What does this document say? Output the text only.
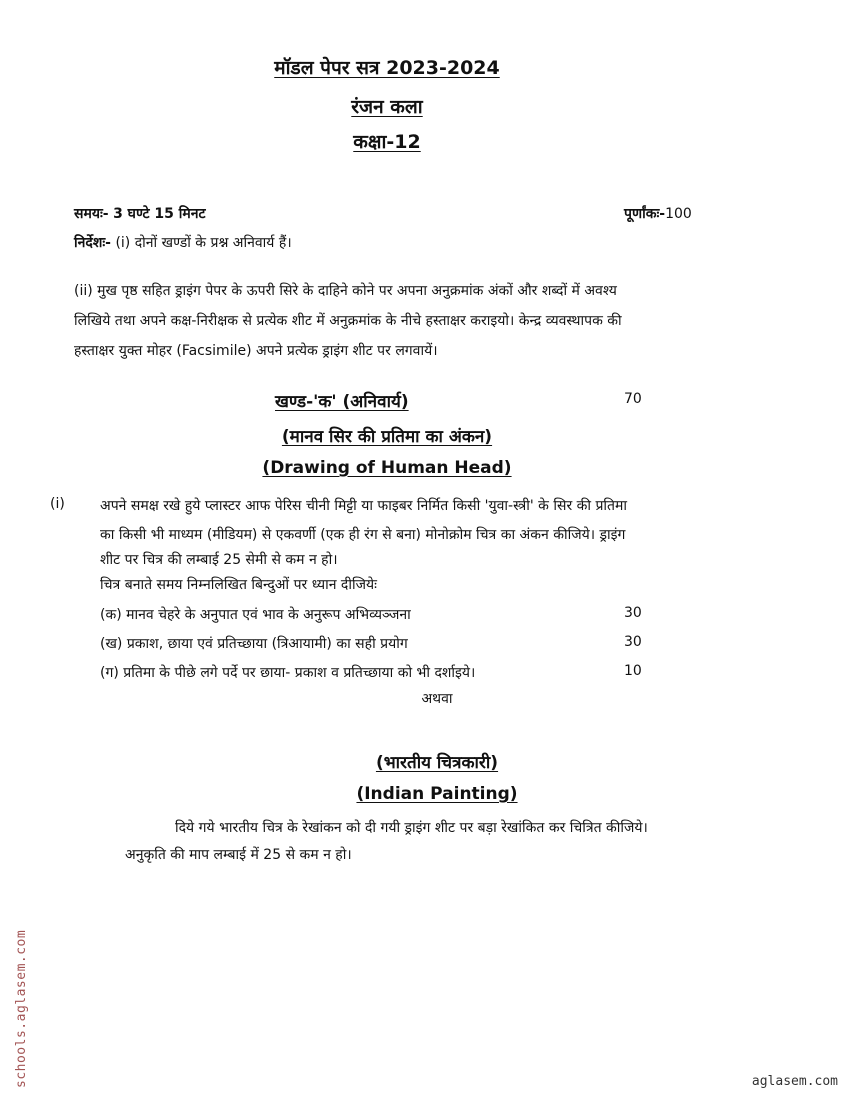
मॉडल पेपर सत्र 2023-2024
रंजन कला
कक्षा-12
समयः- 3 घण्टे 15 मिनट	पूर्णांकः-100
निर्देशः- (i) दोनों खण्डों के प्रश्न अनिवार्य हैं।
(ii) मुख पृष्ठ सहित ड्राइंग पेपर के ऊपरी सिरे के दाहिने कोने पर अपना अनुक्रमांक अंकों और शब्दों में अवश्य
लिखिये तथा अपने कक्ष-निरीक्षक से प्रत्येक शीट में अनुक्रमांक के नीचे हस्ताक्षर कराइयो। केन्द्र व्यवस्थापक की
हस्ताक्षर युक्त मोहर (Facsimile) अपने प्रत्येक ड्राइंग शीट पर लगवायें।
खण्ड-'क' (अनिवार्य)	70
(मानव सिर की प्रतिमा का अंकन)
(Drawing of Human Head)
(i)	अपने समक्ष रखे हुये प्लास्टर आफ पेरिस चीनी मिट्टी या फाइबर निर्मित किसी 'युवा-स्त्री' के सिर की प्रतिमा
का किसी भी माध्यम (मीडियम) से एकवर्णी (एक ही रंग से बना) मोनोक्रोम चित्र का अंकन कीजिये। ड्राइंग
शीट पर चित्र की लम्बाई 25 सेमी से कम न हो।
चित्र बनाते समय निम्नलिखित बिन्दुओं पर ध्यान दीजियेः
(क) मानव चेहरे के अनुपात एवं भाव के अनुरूप अभिव्यञ्जना	30
(ख) प्रकाश, छाया एवं प्रतिच्छाया (त्रिआयामी) का सही प्रयोग	30
(ग) प्रतिमा के पीछे लगे पर्दे पर छाया- प्रकाश व प्रतिच्छाया को भी दर्शाइये।	10
अथवा
(भारतीय चित्रकारी)
(Indian Painting)
दिये गये भारतीय चित्र के रेखांकन को दी गयी ड्राइंग शीट पर बड़ा रेखांकित कर चित्रित कीजिये।
अनुकृति की माप लम्बाई में 25 से कम न हो।
schools.aglasem.com	aglasem.com
